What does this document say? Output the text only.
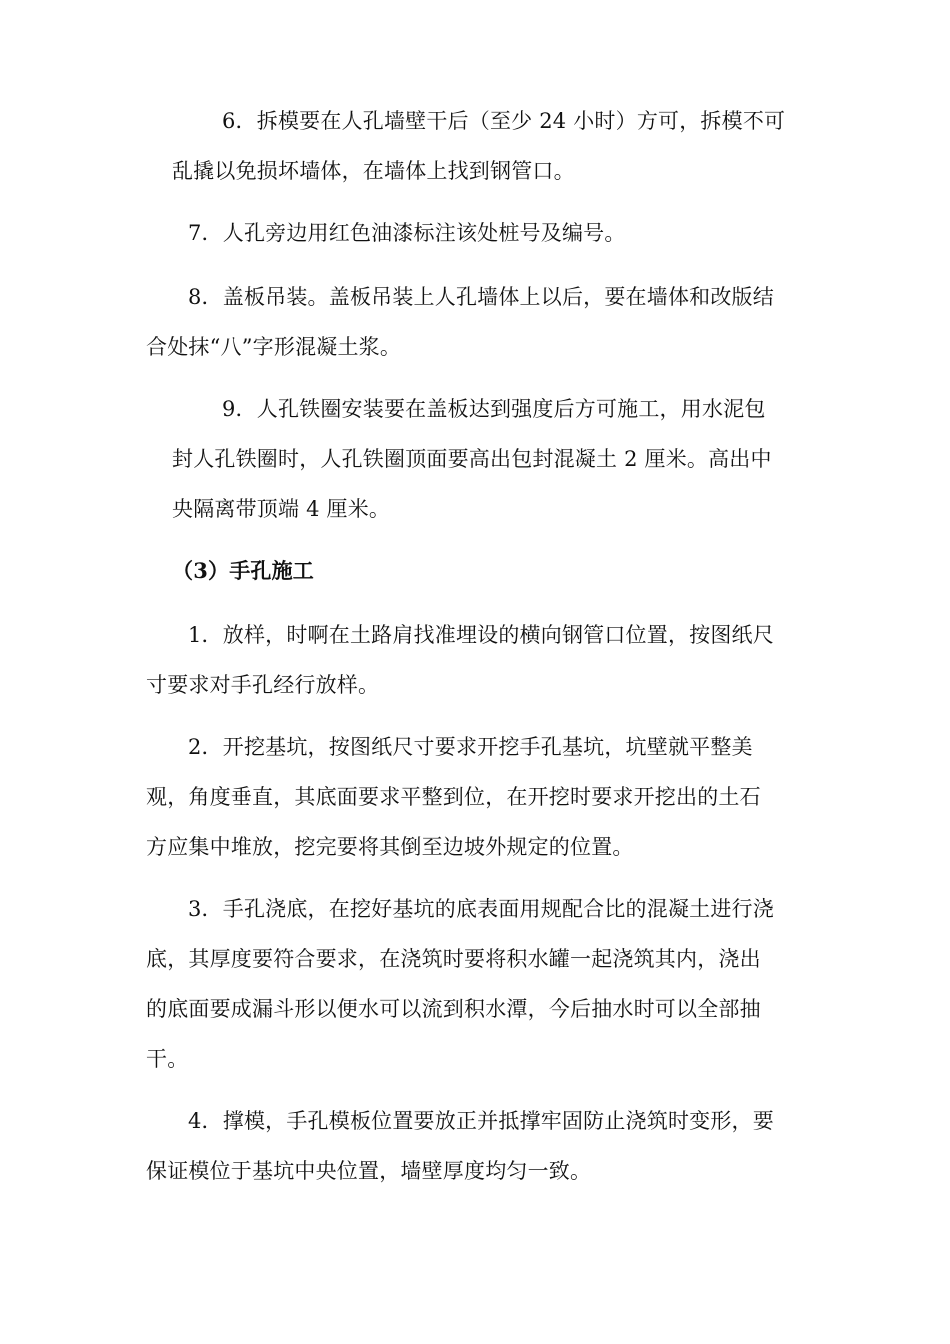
6．拆模要在人孔墙壁干后（至少 24 小时）方可，拆模不可
乱撬以免损坏墙体，在墙体上找到钢管口。
7．人孔旁边用红色油漆标注该处桩号及编号。
8．盖板吊装。盖板吊装上人孔墙体上以后，要在墙体和改版结
合处抹“八”字形混凝土浆。
9．人孔铁圈安装要在盖板达到强度后方可施工，用水泥包
封人孔铁圈时，人孔铁圈顶面要高出包封混凝土 2 厘米。高出中
央隔离带顶端 4 厘米。
（3）手孔施工
1．放样，时啊在土路肩找准埋设的横向钢管口位置，按图纸尺
寸要求对手孔经行放样。
2．开挖基坑，按图纸尺寸要求开挖手孔基坑，坑壁就平整美
观，角度垂直，其底面要求平整到位，在开挖时要求开挖出的土石
方应集中堆放，挖完要将其倒至边坡外规定的位置。
3．手孔浇底，在挖好基坑的底表面用规配合比的混凝土进行浇
底，其厚度要符合要求，在浇筑时要将积水罐一起浇筑其内，浇出
的底面要成漏斗形以便水可以流到积水潭，今后抽水时可以全部抽
干。
4．撑模，手孔模板位置要放正并抵撑牢固防止浇筑时变形，要
保证模位于基坑中央位置，墙壁厚度均匀一致。
